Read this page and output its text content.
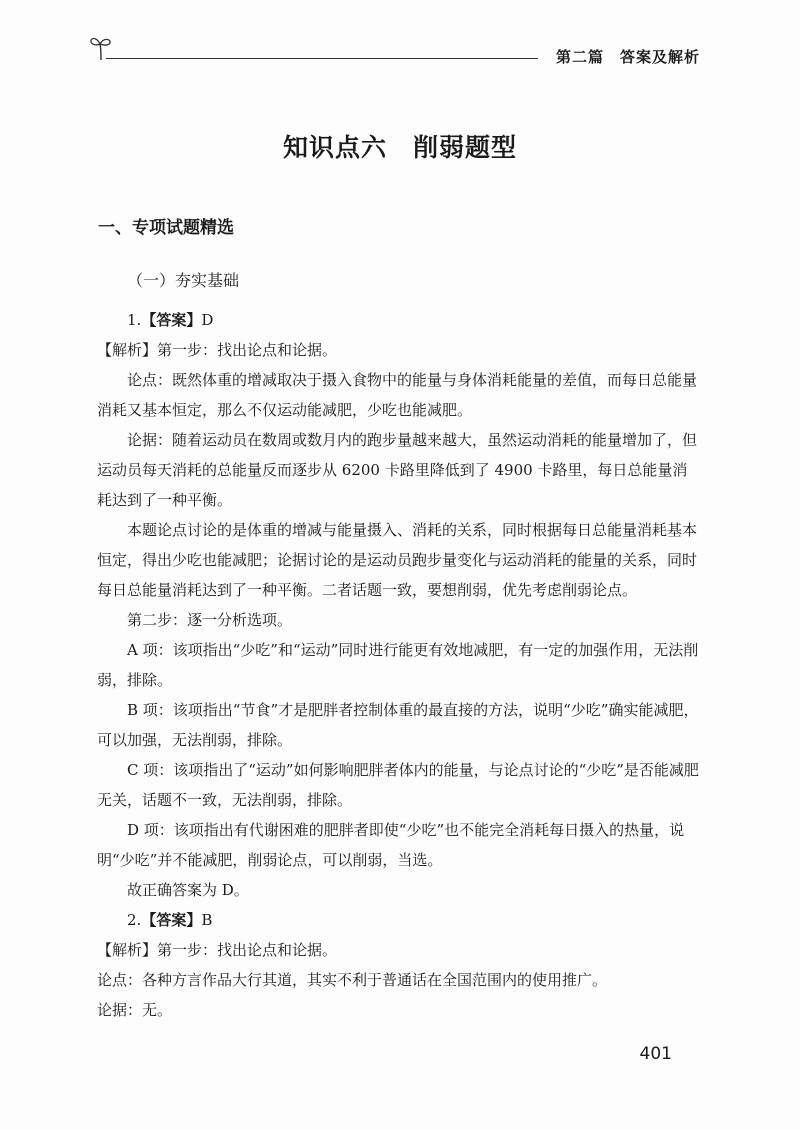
第二篇　答案及解析
知识点六　削弱题型
一、专项试题精选
（一）夯实基础

1.【答案】D

【解析】第一步：找出论点和论据。

论点：既然体重的增减取决于摄入食物中的能量与身体消耗能量的差值，而每日总能量消耗又基本恒定，那么不仅运动能减肥，少吃也能减肥。

论据：随着运动员在数周或数月内的跑步量越来越大，虽然运动消耗的能量增加了，但运动员每天消耗的总能量反而逐步从 6200 卡路里降低到了 4900 卡路里，每日总能量消耗达到了一种平衡。

本题论点讨论的是体重的增减与能量摄入、消耗的关系，同时根据每日总能量消耗基本恒定，得出少吃也能减肥；论据讨论的是运动员跑步量变化与运动消耗的能量的关系，同时每日总能量消耗达到了一种平衡。二者话题一致，要想削弱，优先考虑削弱论点。

第二步：逐一分析选项。

A 项：该项指出“少吃”和“运动”同时进行能更有效地减肥，有一定的加强作用，无法削弱，排除。

B 项：该项指出“节食”才是肥胖者控制体重的最直接的方法，说明“少吃”确实能减肥，可以加强，无法削弱，排除。

C 项：该项指出了“运动”如何影响肥胖者体内的能量，与论点讨论的“少吃”是否能减肥无关，话题不一致，无法削弱，排除。

D 项：该项指出有代谢困难的肥胖者即使“少吃”也不能完全消耗每日摄入的热量，说明“少吃”并不能减肥，削弱论点，可以削弱，当选。

故正确答案为 D。

2.【答案】B

【解析】第一步：找出论点和论据。

论点：各种方言作品大行其道，其实不利于普通话在全国范围内的使用推广。

论据：无。

401
